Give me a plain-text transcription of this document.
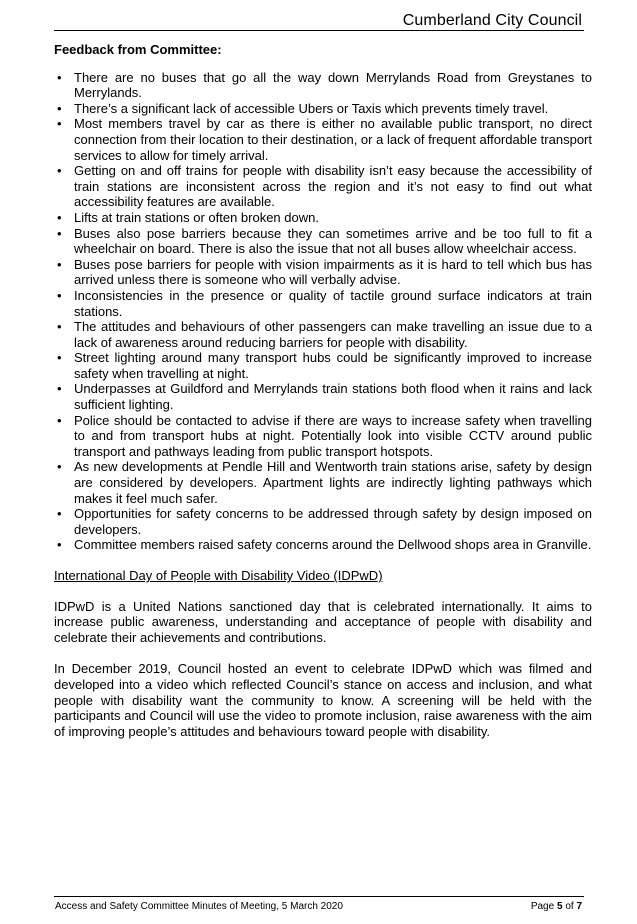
Cumberland City Council
Feedback from Committee:
• There are no buses that go all the way down Merrylands Road from Greystanes to Merrylands.
• There’s a significant lack of accessible Ubers or Taxis which prevents timely travel.
• Most members travel by car as there is either no available public transport, no direct connection from their location to their destination, or a lack of frequent affordable transport services to allow for timely arrival.
• Getting on and off trains for people with disability isn’t easy because the accessibility of train stations are inconsistent across the region and it’s not easy to find out what accessibility features are available.
• Lifts at train stations or often broken down.
• Buses also pose barriers because they can sometimes arrive and be too full to fit a wheelchair on board. There is also the issue that not all buses allow wheelchair access.
• Buses pose barriers for people with vision impairments as it is hard to tell which bus has arrived unless there is someone who will verbally advise.
• Inconsistencies in the presence or quality of tactile ground surface indicators at train stations.
• The attitudes and behaviours of other passengers can make travelling an issue due to a lack of awareness around reducing barriers for people with disability.
• Street lighting around many transport hubs could be significantly improved to increase safety when travelling at night.
• Underpasses at Guildford and Merrylands train stations both flood when it rains and lack sufficient lighting.
• Police should be contacted to advise if there are ways to increase safety when travelling to and from transport hubs at night. Potentially look into visible CCTV around public transport and pathways leading from public transport hotspots.
• As new developments at Pendle Hill and Wentworth train stations arise, safety by design are considered by developers. Apartment lights are indirectly lighting pathways which makes it feel much safer.
• Opportunities for safety concerns to be addressed through safety by design imposed on developers.
• Committee members raised safety concerns around the Dellwood shops area in Granville.
International Day of People with Disability Video (IDPwD)

IDPwD is a United Nations sanctioned day that is celebrated internationally. It aims to increase public awareness, understanding and acceptance of people with disability and celebrate their achievements and contributions.

In December 2019, Council hosted an event to celebrate IDPwD which was filmed and developed into a video which reflected Council’s stance on access and inclusion, and what people with disability want the community to know. A screening will be held with the participants and Council will use the video to promote inclusion, raise awareness with the aim of improving people’s attitudes and behaviours toward people with disability.

Access and Safety Committee Minutes of Meeting, 5 March 2020	Page 5 of 7
